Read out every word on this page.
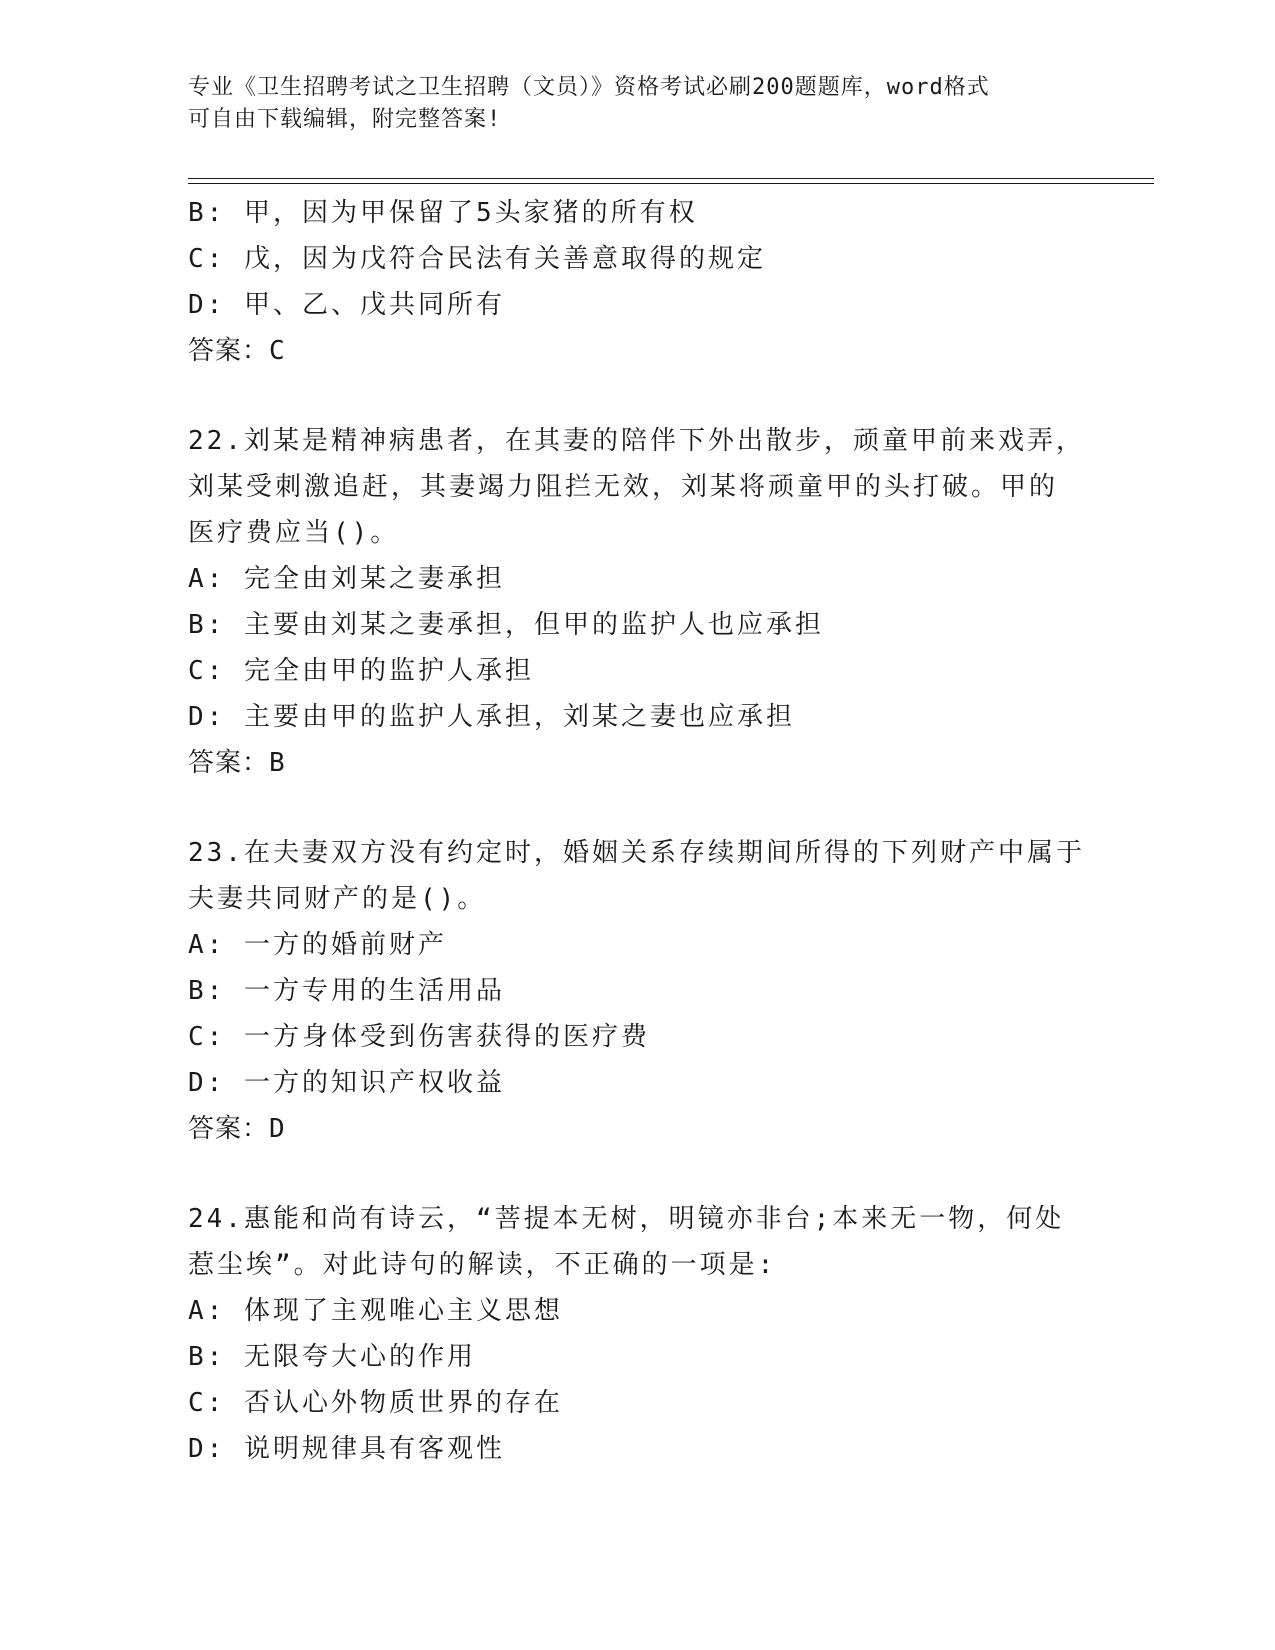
专业《卫生招聘考试之卫生招聘（文员）》资格考试必刷200题题库，word格式
可自由下载编辑，附完整答案!
B: 甲，因为甲保留了5头家猪的所有权
C: 戊，因为戊符合民法有关善意取得的规定
D: 甲、乙、戊共同所有
答案：C
22.刘某是精神病患者，在其妻的陪伴下外出散步，顽童甲前来戏弄，
刘某受刺激追赶，其妻竭力阻拦无效，刘某将顽童甲的头打破。甲的
医疗费应当()。
A: 完全由刘某之妻承担
B: 主要由刘某之妻承担，但甲的监护人也应承担
C: 完全由甲的监护人承担
D: 主要由甲的监护人承担，刘某之妻也应承担
答案：B
23.在夫妻双方没有约定时，婚姻关系存续期间所得的下列财产中属于
夫妻共同财产的是()。
A: 一方的婚前财产
B: 一方专用的生活用品
C: 一方身体受到伤害获得的医疗费
D: 一方的知识产权收益
答案：D
24.惠能和尚有诗云，“菩提本无树，明镜亦非台;本来无一物，何处
惹尘埃”。对此诗句的解读，不正确的一项是:
A: 体现了主观唯心主义思想
B: 无限夸大心的作用
C: 否认心外物质世界的存在
D: 说明规律具有客观性
